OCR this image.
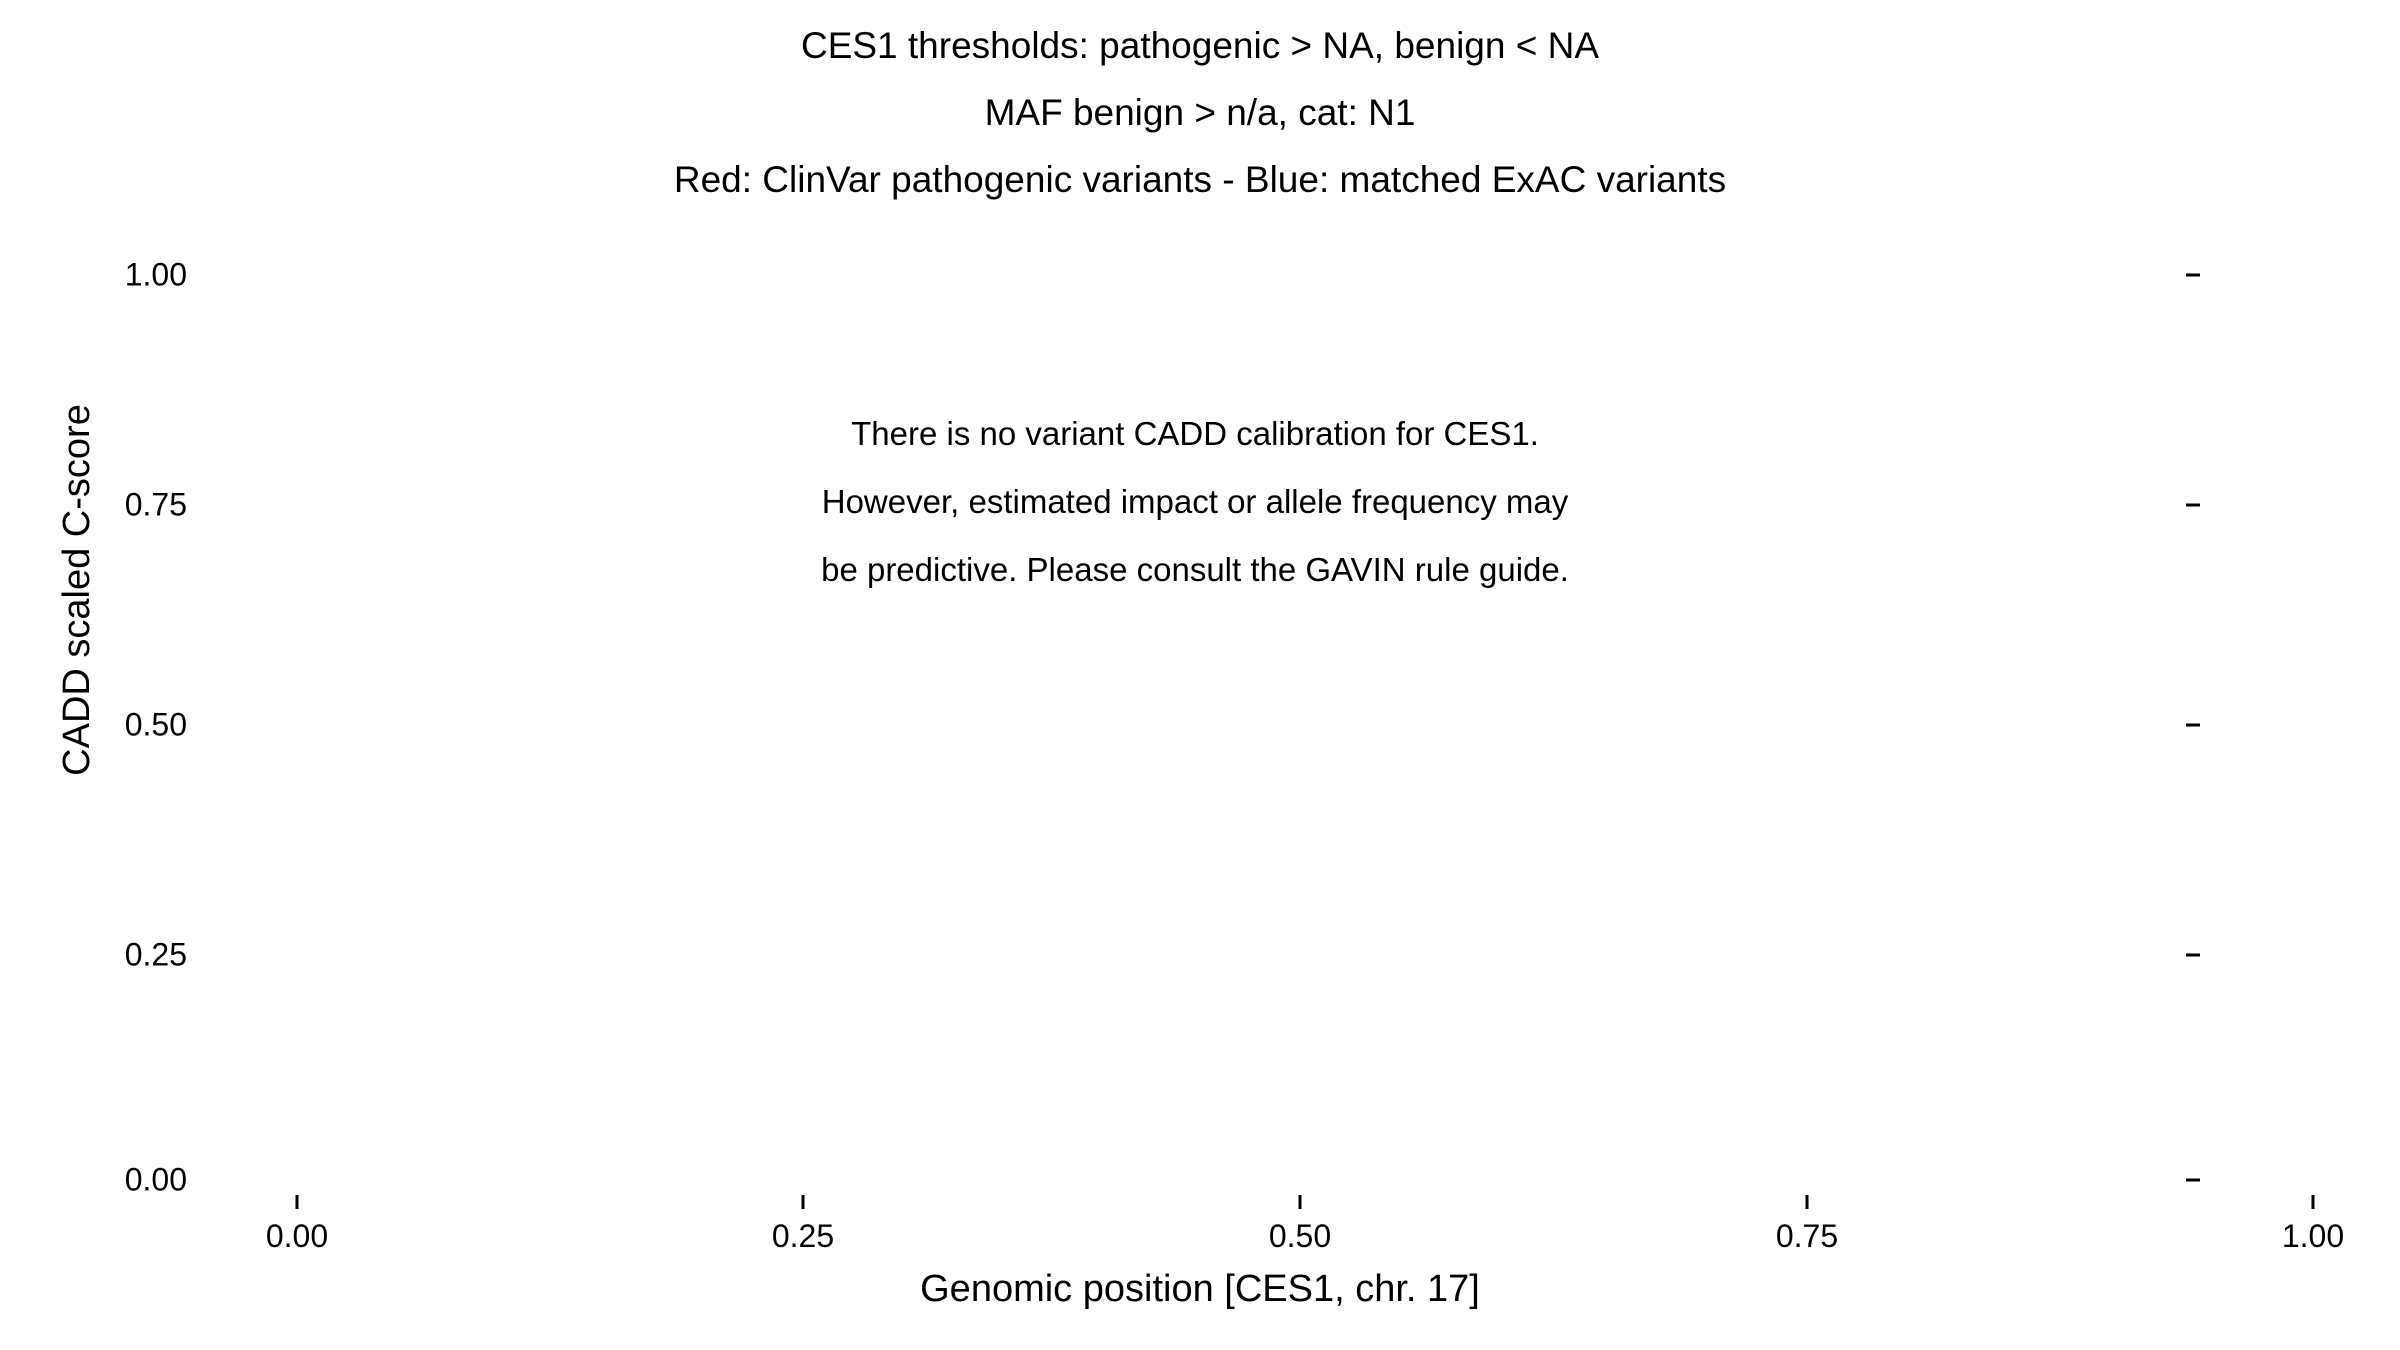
CES1 thresholds: pathogenic > NA, benign < NA
MAF benign > n/a, cat: N1
Red: ClinVar pathogenic variants - Blue: matched ExAC variants
CADD scaled C-score
1.00
0.75
0.50
0.25
0.00
0.00	0.25	0.50	0.75	1.00
There is no variant CADD calibration for CES1.
However, estimated impact or allele frequency may
be predictive. Please consult the GAVIN rule guide.
Genomic position [CES1, chr. 17]
